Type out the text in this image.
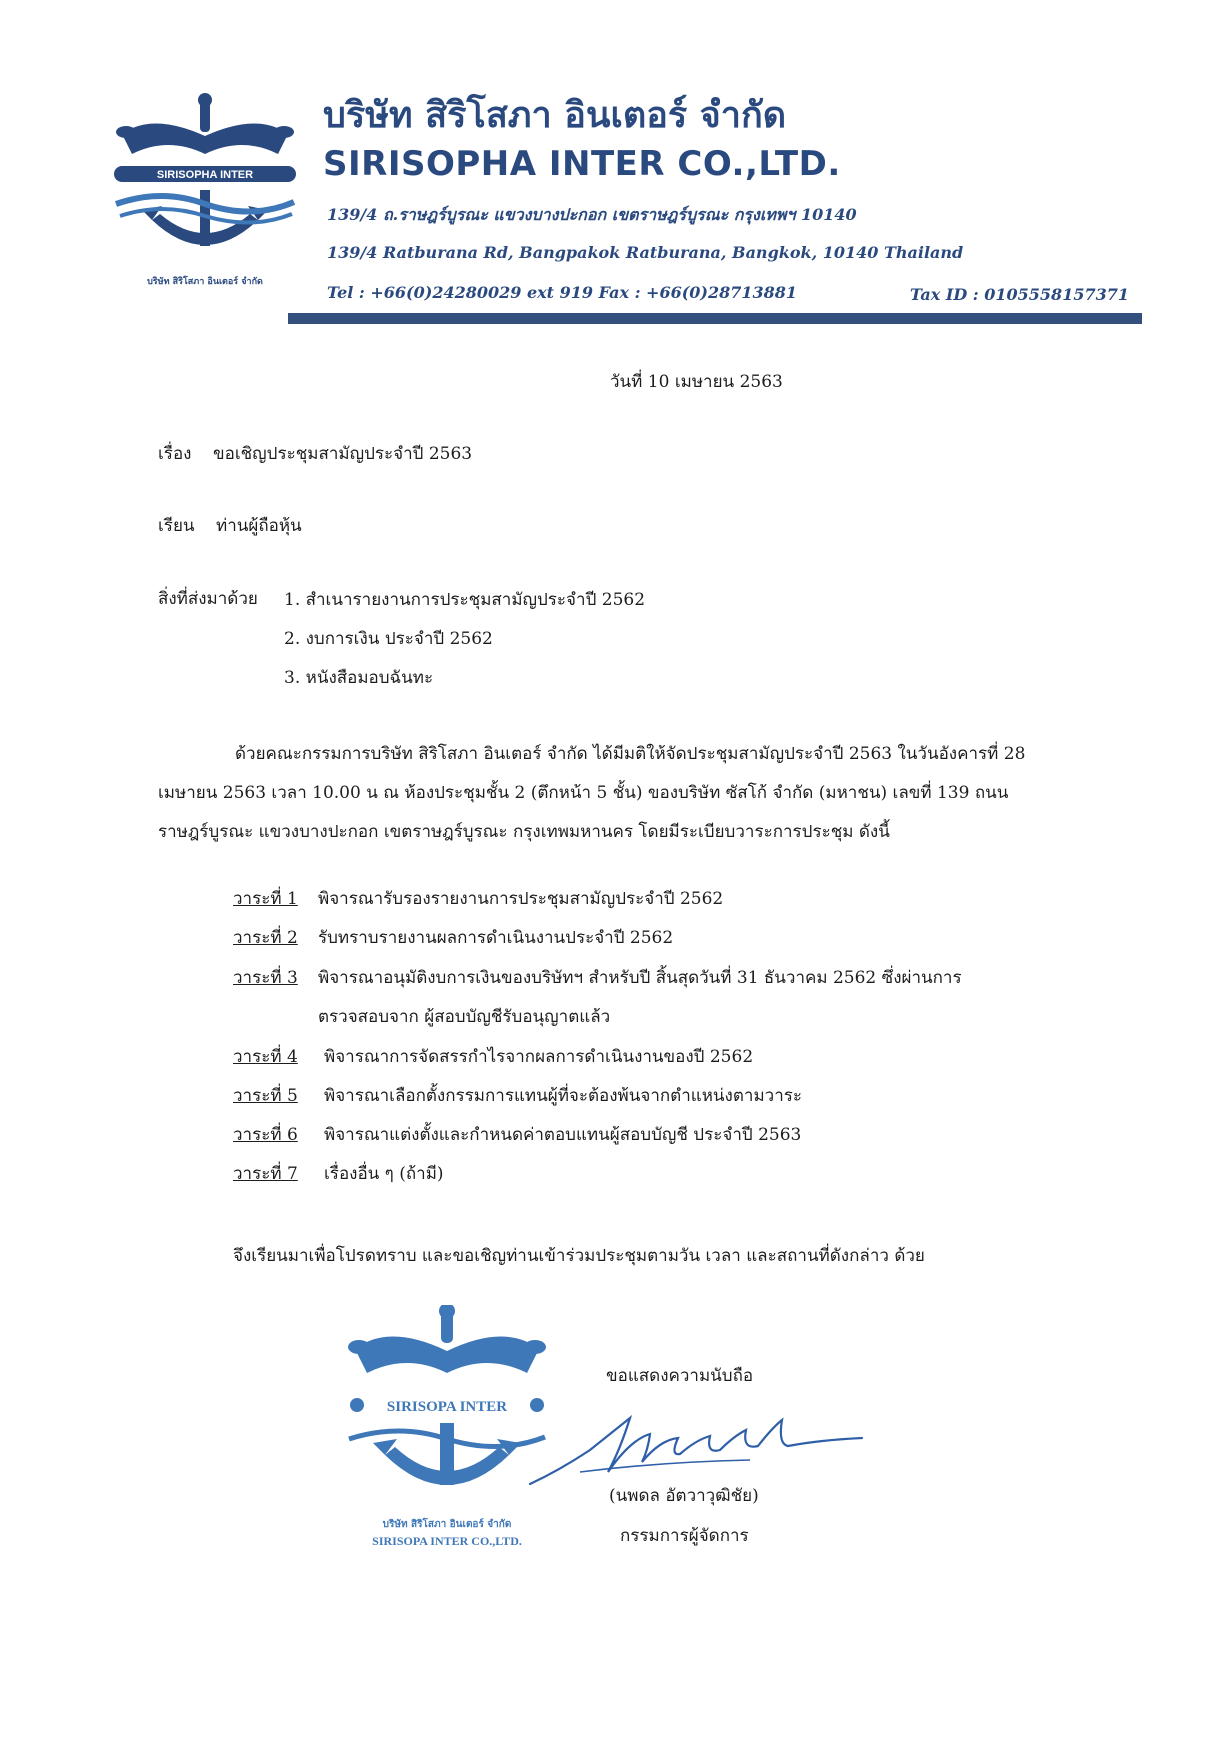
SIRISOPHA INTER
บริษัท สิริโสภา อินเตอร์ จำกัด
บริษัท สิริโสภา อินเตอร์ จำกัด
SIRISOPHA INTER CO.,LTD.
139/4 ถ.ราษฎร์บูรณะ แขวงบางปะกอก เขตราษฎร์บูรณะ กรุงเทพฯ 10140
139/4 Ratburana Rd, Bangpakok Ratburana, Bangkok, 10140 Thailand
Tel : +66(0)24280029 ext 919 Fax : +66(0)28713881	Tax ID : 0105558157371
วันที่ 10 เมษายน 2563
เรื่อง ขอเชิญประชุมสามัญประจำปี 2563
เรียน ท่านผู้ถือหุ้น
สิ่งที่ส่งมาด้วย 1. สำเนารายงานการประชุมสามัญประจำปี 2562
2. งบการเงิน ประจำปี 2562
3. หนังสือมอบฉันทะ
ด้วยคณะกรรมการบริษัท สิริโสภา อินเตอร์ จำกัด ได้มีมติให้จัดประชุมสามัญประจำปี 2563 ในวันอังคารที่ 28
เมษายน 2563 เวลา 10.00 น ณ ห้องประชุมชั้น 2 (ตึกหน้า 5 ชั้น) ของบริษัท ซัสโก้ จำกัด (มหาชน) เลขที่ 139 ถนน
ราษฎร์บูรณะ แขวงบางปะกอก เขตราษฎร์บูรณะ กรุงเทพมหานคร โดยมีระเบียบวาระการประชุม ดังนี้
วาระที่ 1 พิจารณารับรองรายงานการประชุมสามัญประจำปี 2562
วาระที่ 2 รับทราบรายงานผลการดำเนินงานประจำปี 2562
วาระที่ 3 พิจารณาอนุมัติงบการเงินของบริษัทฯ สำหรับปี สิ้นสุดวันที่ 31 ธันวาคม 2562 ซึ่งผ่านการ
ตรวจสอบจาก ผู้สอบบัญชีรับอนุญาตแล้ว
วาระที่ 4 พิจารณาการจัดสรรกำไรจากผลการดำเนินงานของปี 2562
วาระที่ 5 พิจารณาเลือกตั้งกรรมการแทนผู้ที่จะต้องพ้นจากตำแหน่งตามวาระ
วาระที่ 6 พิจารณาแต่งตั้งและกำหนดค่าตอบแทนผู้สอบบัญชี ประจำปี 2563
วาระที่ 7 เรื่องอื่น ๆ (ถ้ามี)
จึงเรียนมาเพื่อโปรดทราบ และขอเชิญท่านเข้าร่วมประชุมตามวัน เวลา และสถานที่ดังกล่าว ด้วย
SIRISOPA INTER
บริษัท สิริโสภา อินเตอร์ จำกัด
SIRISOPA INTER CO.,LTD.
ขอแสดงความนับถือ
(นพดล อัตวาวุฒิชัย)
กรรมการผู้จัดการ
